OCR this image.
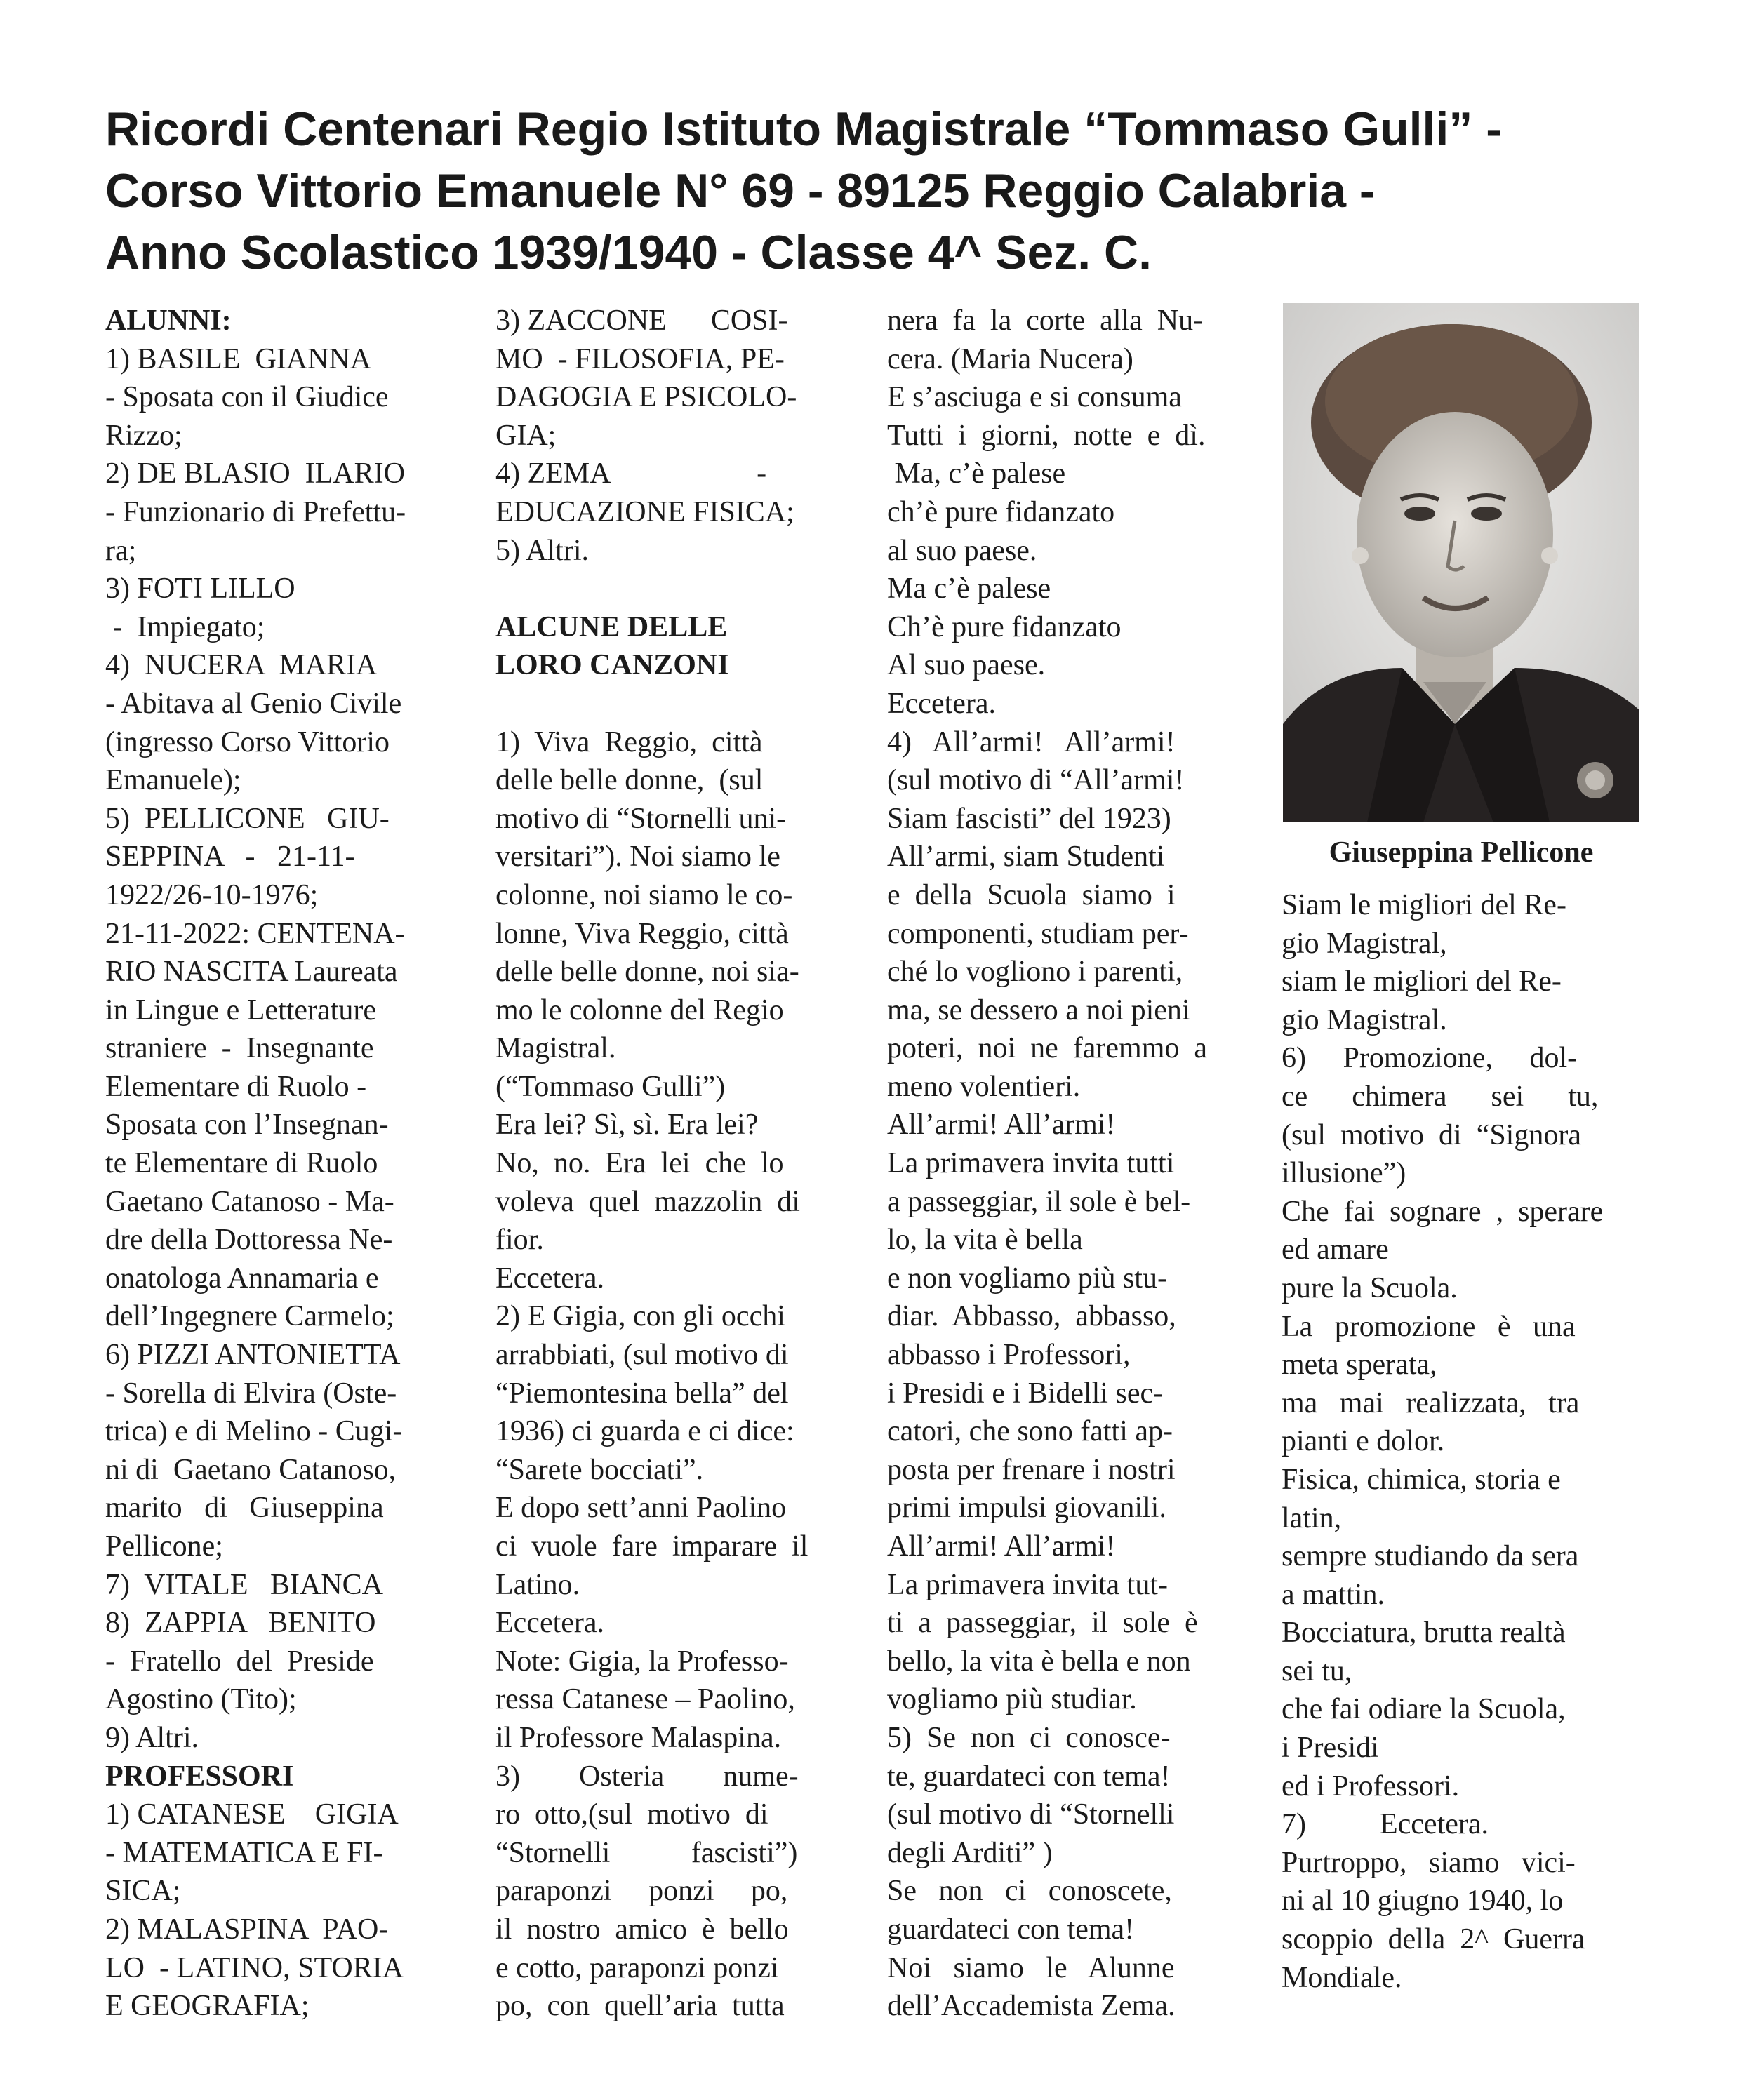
Ricordi Centenari Regio Istituto Magistrale “Tommaso Gulli” -
Corso Vittorio Emanuele N° 69 - 89125 Reggio Calabria -
Anno Scolastico 1939/1940 - Classe 4^ Sez. C.
ALUNNI:
1) BASILE  GIANNA
- Sposata con il Giudice
Rizzo;
2) DE BLASIO  ILARIO
- Funzionario di Prefettu-
ra;
3) FOTI LILLO
-  Impiegato;
4)  NUCERA  MARIA
- Abitava al Genio Civile
(ingresso Corso Vittorio
Emanuele);
5)  PELLICONE   GIU-
SEPPINA   -   21-11-
1922/26-10-1976;
21-11-2022: CENTENA-
RIO NASCITA Laureata
in Lingue e Letterature
straniere  -  Insegnante
Elementare di Ruolo -
Sposata con l’Insegnan-
te Elementare di Ruolo
Gaetano Catanoso - Ma-
dre della Dottoressa Ne-
onatologa Annamaria e
dell’Ingegnere Carmelo;
6) PIZZI ANTONIETTA
- Sorella di Elvira (Oste-
trica) e di Melino - Cugi-
ni di  Gaetano Catanoso,
marito   di   Giuseppina
Pellicone;
7)  VITALE   BIANCA
8)  ZAPPIA   BENITO
-  Fratello  del  Preside
Agostino (Tito);
9) Altri.
PROFESSORI
1) CATANESE    GIGIA
- MATEMATICA E FI-
SICA;
2) MALASPINA  PAO-
LO  - LATINO, STORIA
E GEOGRAFIA;
3) ZACCONE      COSI-
MO  - FILOSOFIA, PE-
DAGOGIA E PSICOLO-
GIA;
4) ZEMA                    -
EDUCAZIONE FISICA;
5) Altri.
ALCUNE DELLE
LORO CANZONI
1)  Viva  Reggio,  città
delle belle donne,  (sul
motivo di “Stornelli uni-
versitari”). Noi siamo le
colonne, noi siamo le co-
lonne, Viva Reggio, città
delle belle donne, noi sia-
mo le colonne del Regio
Magistral.
(“Tommaso Gulli”)
Era lei? Sì, sì. Era lei?
No,  no.  Era  lei  che  lo
voleva  quel  mazzolin  di
fior.
Eccetera.
2) E Gigia, con gli occhi
arrabbiati, (sul motivo di
“Piemontesina bella” del
1936) ci guarda e ci dice:
“Sarete bocciati”.
E dopo sett’anni Paolino
ci  vuole  fare  imparare  il
Latino.
Eccetera.
Note: Gigia, la Professo-
ressa Catanese – Paolino,
il Professore Malaspina.
3)        Osteria        nume-
ro  otto,(sul  motivo  di
“Stornelli           fascisti”)
paraponzi     ponzi     po,
il  nostro  amico  è  bello
e cotto, paraponzi ponzi
po,  con  quell’aria  tutta
nera  fa  la  corte  alla  Nu-
cera. (Maria Nucera)
E s’asciuga e si consuma
Tutti  i  giorni,  notte  e  dì.
Ma, c’è palese
ch’è pure fidanzato
al suo paese.
Ma c’è palese
Ch’è pure fidanzato
Al suo paese.
Eccetera.
4)   All’armi!   All’armi!
(sul motivo di “All’armi!
Siam fascisti” del 1923)
All’armi, siam Studenti
e  della  Scuola  siamo  i
componenti, studiam per-
ché lo vogliono i parenti,
ma, se dessero a noi pieni
poteri,  noi  ne  faremmo  a
meno volentieri.
All’armi! All’armi!
La primavera invita tutti
a passeggiar, il sole è bel-
lo, la vita è bella
e non vogliamo più stu-
diar.  Abbasso,  abbasso,
abbasso i Professori,
i Presidi e i Bidelli sec-
catori, che sono fatti ap-
posta per frenare i nostri
primi impulsi giovanili.
All’armi! All’armi!
La primavera invita tut-
ti  a  passeggiar,  il  sole  è
bello, la vita è bella e non
vogliamo più studiar.
5)  Se  non  ci  conosce-
te, guardateci con tema!
(sul motivo di “Stornelli
degli Arditi” )
Se   non   ci   conoscete,
guardateci con tema!
Noi   siamo   le   Alunne
dell’Accademista Zema.
Giuseppina Pellicone
Siam le migliori del Re-
gio Magistral,
siam le migliori del Re-
gio Magistral.
6)     Promozione,     dol-
ce      chimera      sei      tu,
(sul  motivo  di  “Signora
illusione”)
Che  fai  sognare  ,  sperare
ed amare
pure la Scuola.
La   promozione   è   una
meta sperata,
ma   mai   realizzata,   tra
pianti e dolor.
Fisica, chimica, storia e
latin,
sempre studiando da sera
a mattin.
Bocciatura, brutta realtà
sei tu,
che fai odiare la Scuola,
i Presidi
ed i Professori.
7)          Eccetera.
Purtroppo,   siamo   vici-
ni al 10 giugno 1940, lo
scoppio  della  2^  Guerra
Mondiale.
